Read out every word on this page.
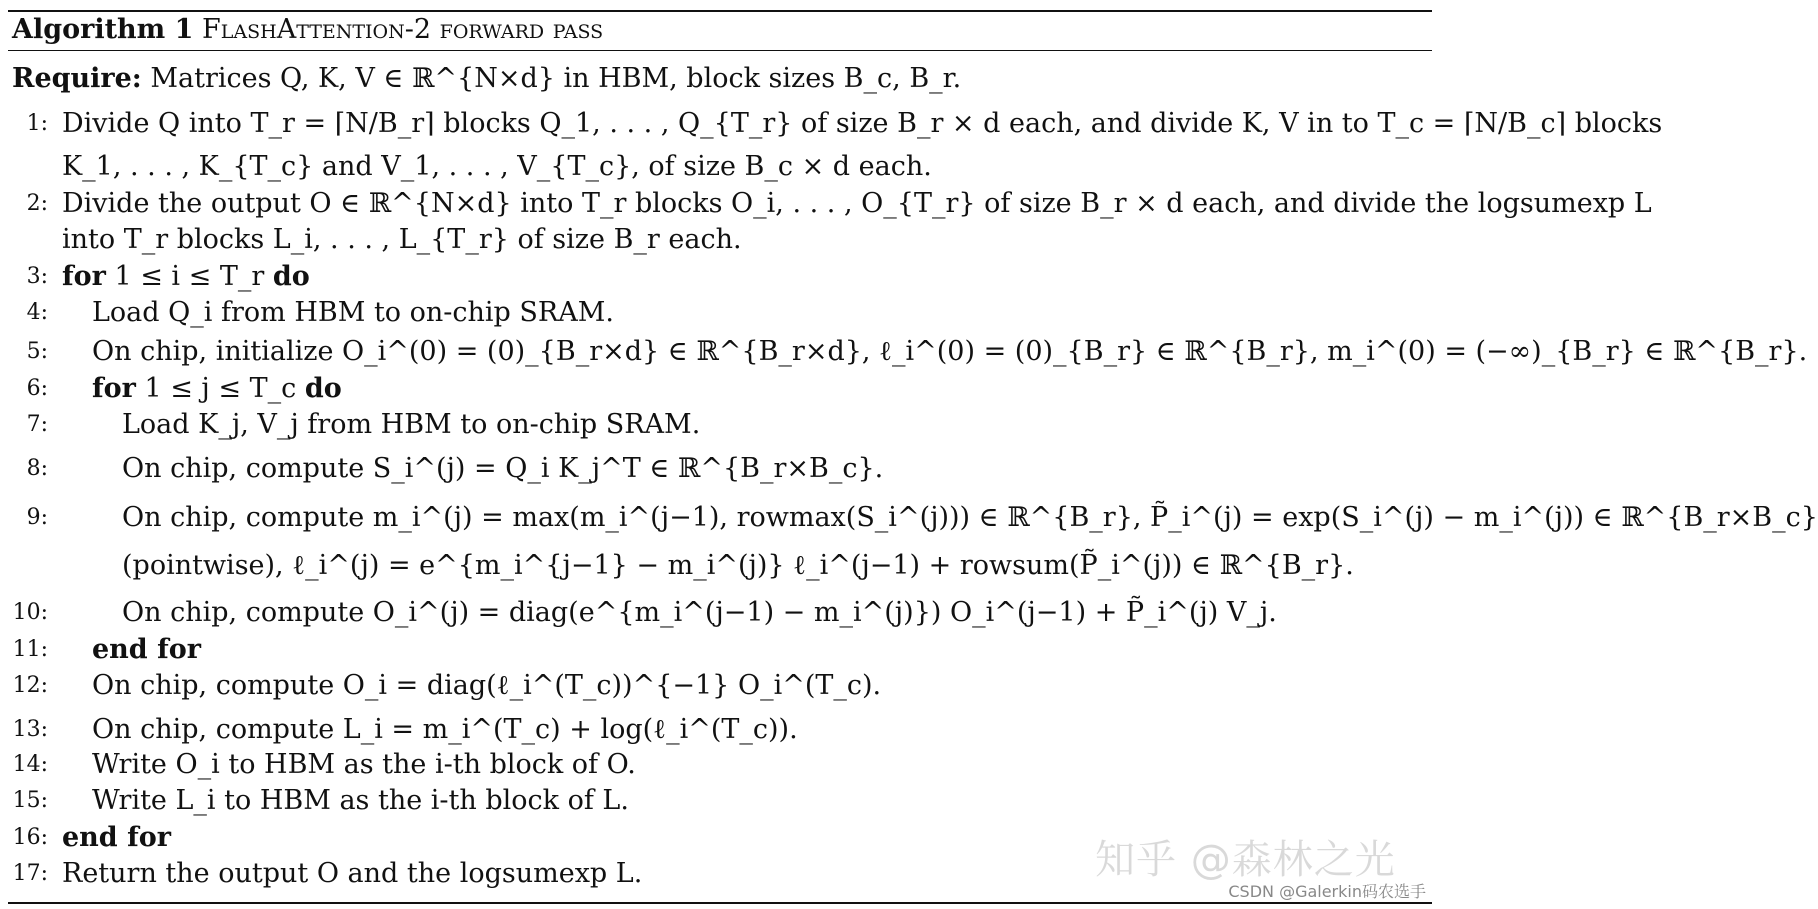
Algorithm 1 FlashAttention-2 forward pass
Require: Matrices Q, K, V ∈ ℝ^{N×d} in HBM, block sizes B_c, B_r.
1: Divide Q into T_r = ⌈N/B_r⌉ blocks Q_1, . . . , Q_{T_r} of size B_r × d each, and divide K, V in to T_c = ⌈N/B_c⌉ blocks
K_1, . . . , K_{T_c} and V_1, . . . , V_{T_c}, of size B_c × d each.
2: Divide the output O ∈ ℝ^{N×d} into T_r blocks O_i, . . . , O_{T_r} of size B_r × d each, and divide the logsumexp L
into T_r blocks L_i, . . . , L_{T_r} of size B_r each.
3: for 1 ≤ i ≤ T_r do
4: Load Q_i from HBM to on-chip SRAM.
5: On chip, initialize O_i^(0) = (0)_{B_r×d} ∈ ℝ^{B_r×d}, ℓ_i^(0) = (0)_{B_r} ∈ ℝ^{B_r}, m_i^(0) = (−∞)_{B_r} ∈ ℝ^{B_r}.
6: for 1 ≤ j ≤ T_c do
7:	Load K_j, V_j from HBM to on-chip SRAM.
8:	On chip, compute S_i^(j) = Q_i K_j^T ∈ ℝ^{B_r×B_c}.
9:	On chip, compute m_i^(j) = max(m_i^(j−1), rowmax(S_i^(j))) ∈ ℝ^{B_r}, P̃_i^(j) = exp(S_i^(j) − m_i^(j)) ∈ ℝ^{B_r×B_c}
(pointwise), ℓ_i^(j) = e^{m_i^{j−1} − m_i^(j)} ℓ_i^(j−1) + rowsum(P̃_i^(j)) ∈ ℝ^{B_r}.
10:	On chip, compute O_i^(j) = diag(e^{m_i^(j−1) − m_i^(j)}) O_i^(j−1) + P̃_i^(j) V_j.
11: end for
12: On chip, compute O_i = diag(ℓ_i^(T_c))^{−1} O_i^(T_c).
13: On chip, compute L_i = m_i^(T_c) + log(ℓ_i^(T_c)).
14: Write O_i to HBM as the i-th block of O.
15: Write L_i to HBM as the i-th block of L.
16: end for
17: Return the output O and the logsumexp L.	知乎 @森林之光
CSDN @Galerkin码农选手
